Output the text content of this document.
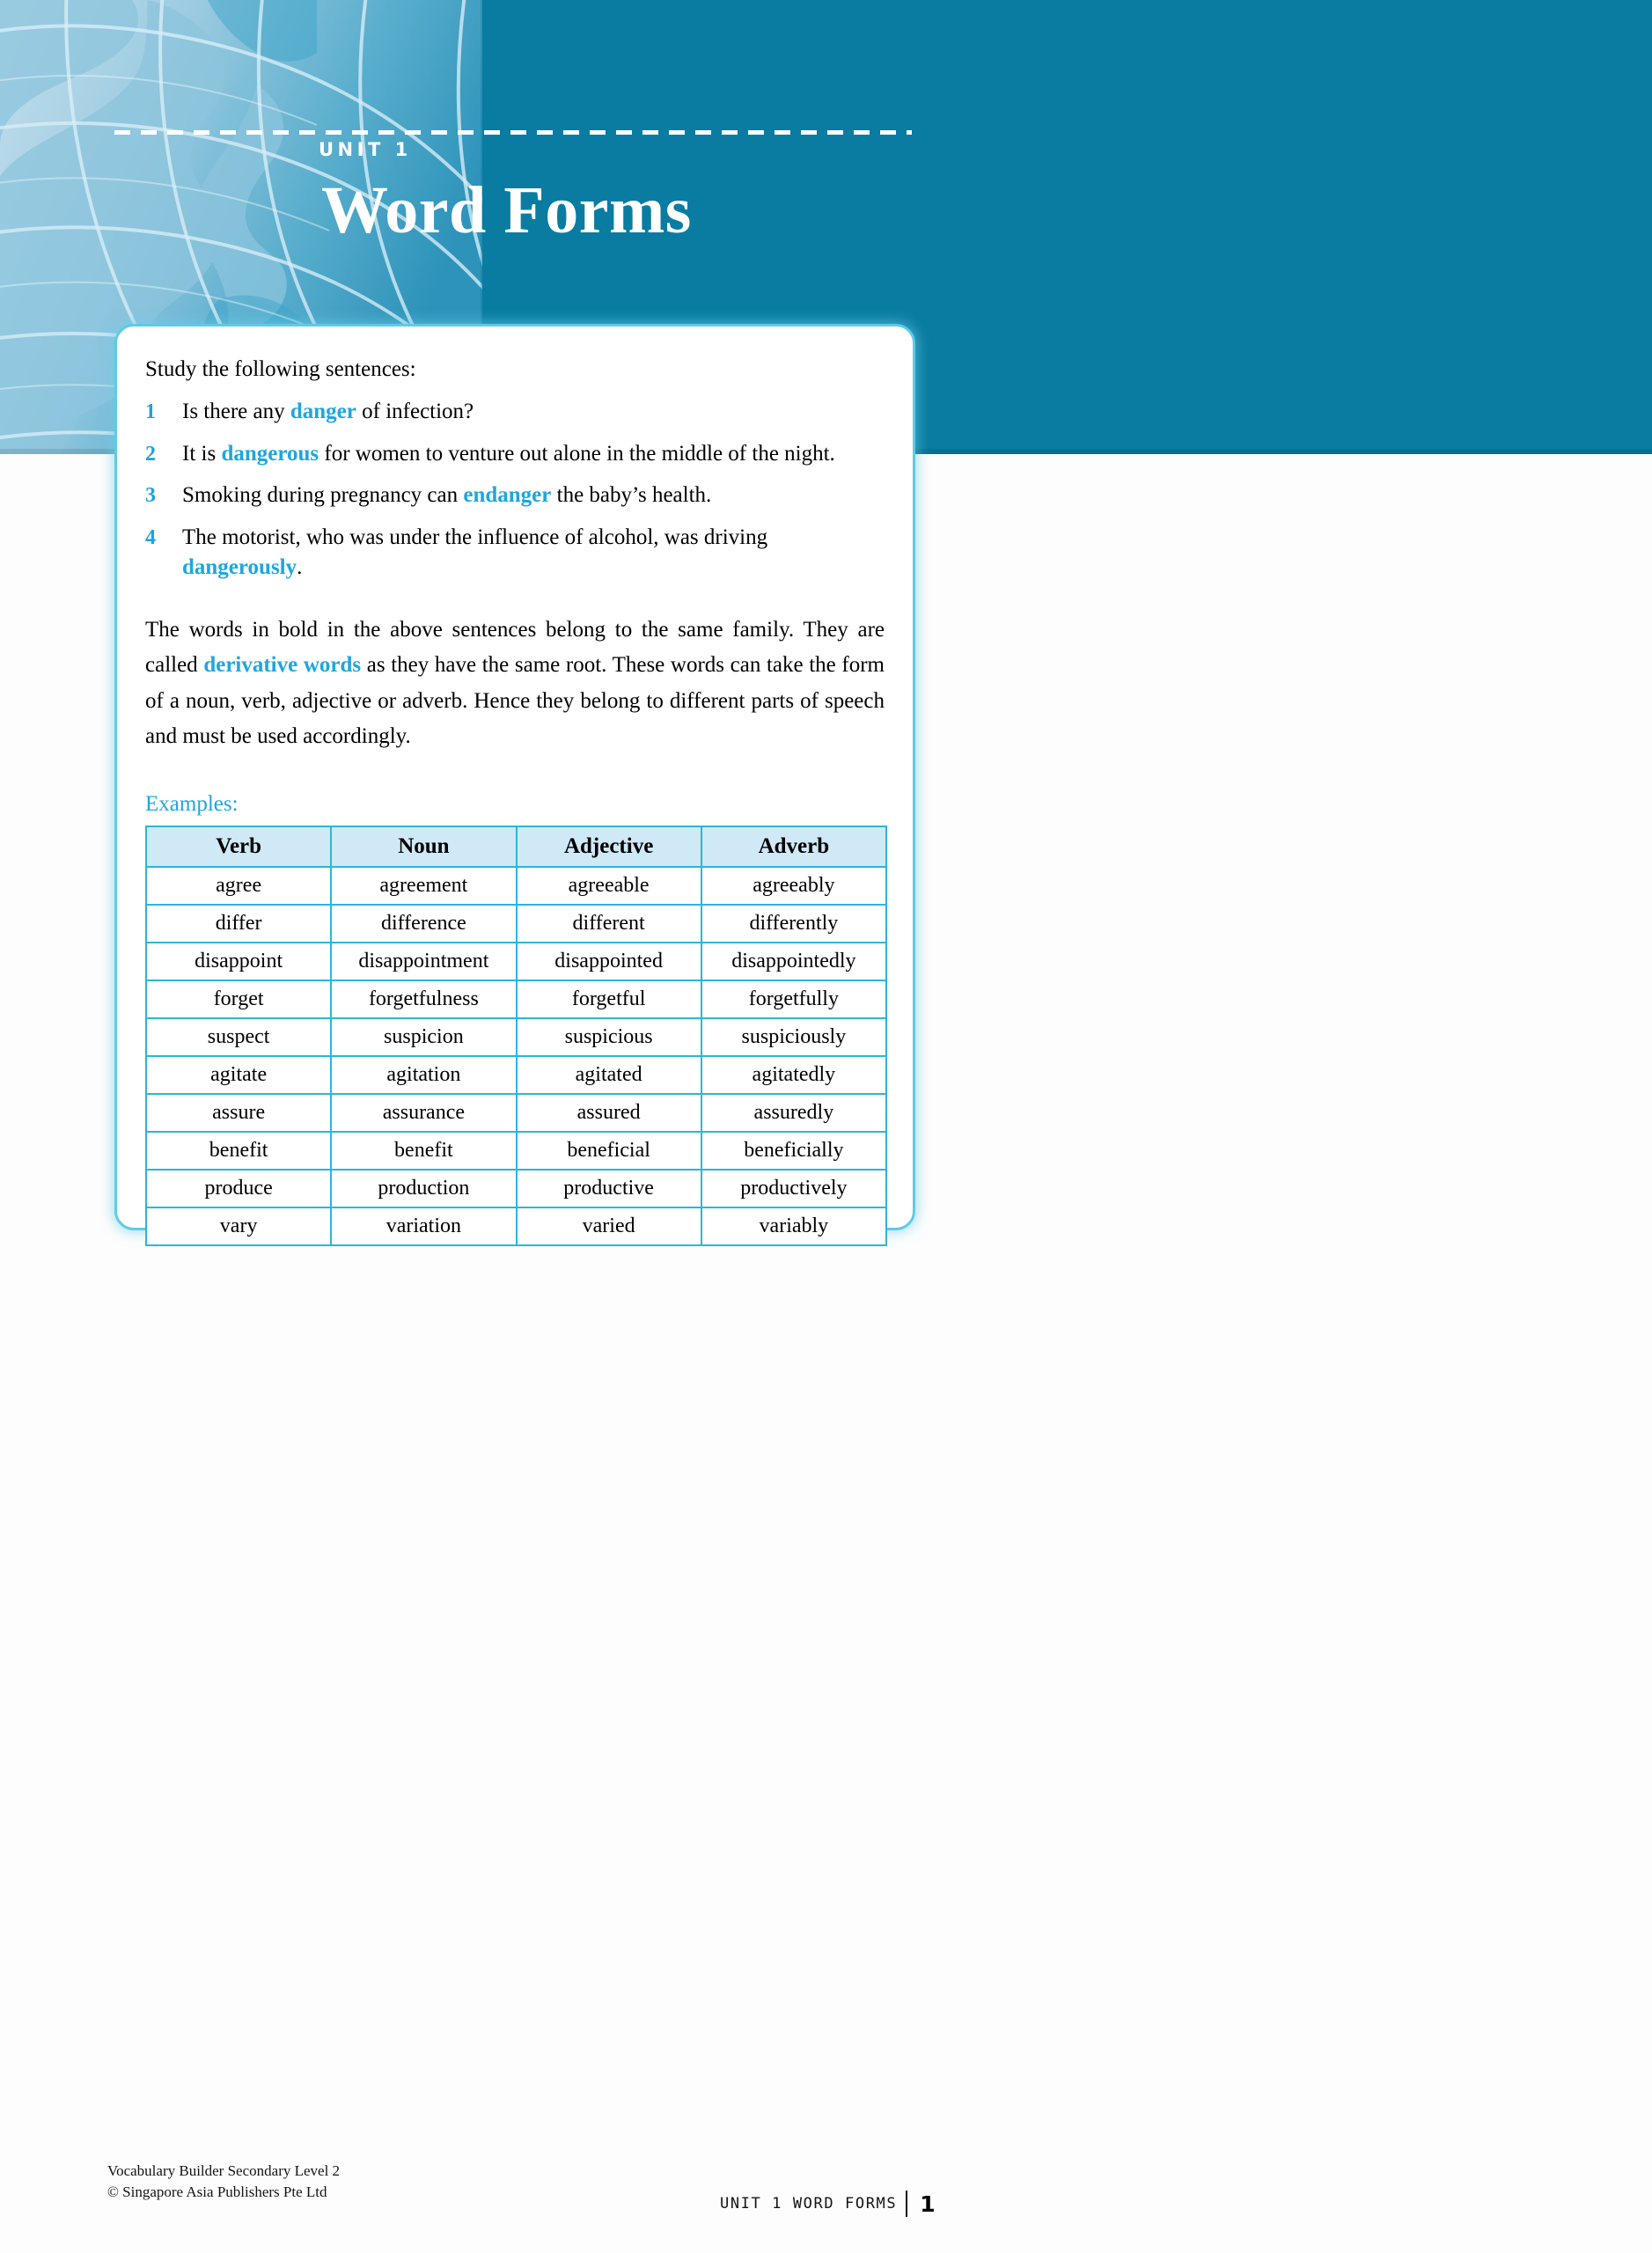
UNIT 1
Word Forms

Study the following sentences:

1	Is there any danger of infection?
2	It is dangerous for women to venture out alone in the middle of the night.
3	Smoking during pregnancy can endanger the baby’s health.
4	The motorist, who was under the influence of alcohol, was driving dangerously.

The words in bold in the above sentences belong to the same family. They are called derivative words as they have the same root. These words can take the form of a noun, verb, adjective or adverb. Hence they belong to different parts of speech and must be used accordingly.

Examples:

Verb	Noun	Adjective	Adverb
agree	agreement	agreeable	agreeably
differ	difference	different	differently
disappoint	disappointment	disappointed	disappointedly
forget	forgetfulness	forgetful	forgetfully
suspect	suspicion	suspicious	suspiciously
agitate	agitation	agitated	agitatedly
assure	assurance	assured	assuredly
benefit	benefit	beneficial	beneficially
produce	production	productive	productively
vary	variation	varied	variably
Vocabulary Builder Secondary Level 2
© Singapore Asia Publishers Pte Ltd
UNIT 1 WORD FORMS	1
